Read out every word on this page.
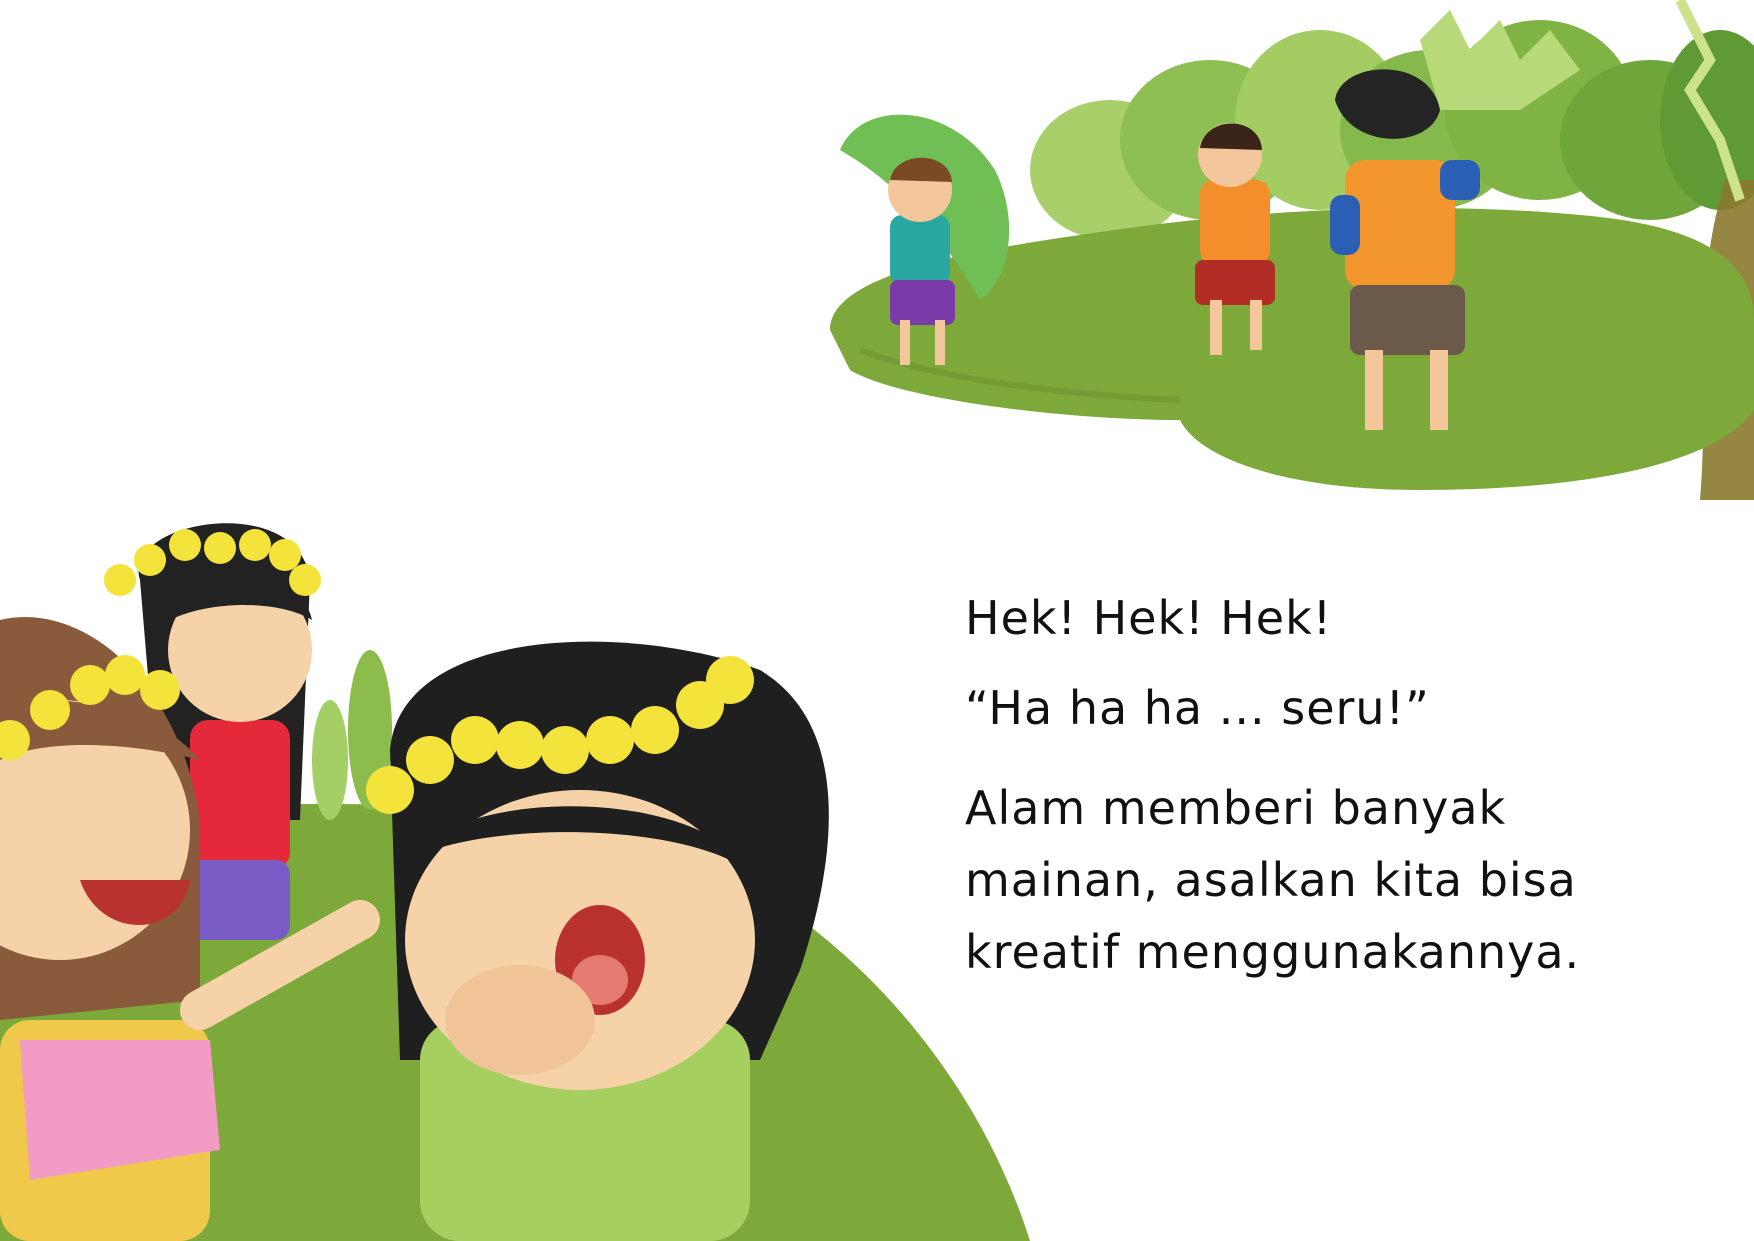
Hek! Hek! Hek!

“Ha ha ha ... seru!”

Alam memberi banyak

mainan, asalkan kita bisa

kreatif menggunakannya.
